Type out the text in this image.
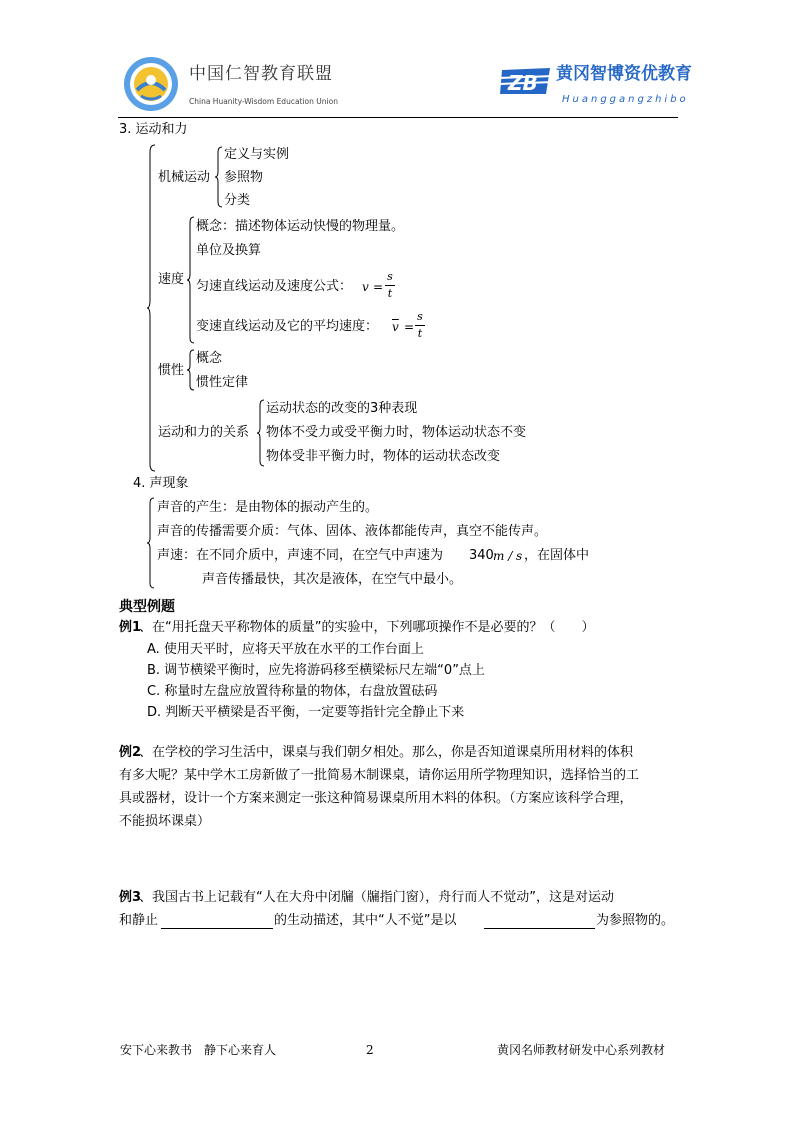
中国仁智教育联盟
China Huanity-Wisdom Education Union
ZB 黄冈智博资优教育
Huanggangzhibo
3. 运动和力
机械运动
定义与实例
参照物
分类
速度
概念：描述物体运动快慢的物理量。
单位及换算
匀速直线运动及速度公式： v =
s
t
变速直线运动及它的平均速度： $\overline{v}$ =
s
t
惯性
概念
惯性定律
运动和力的关系
运动状态的改变的3种表现
物体不受力或受平衡力时，物体运动状态不变
物体受非平衡力时，物体的运动状态改变
4. 声现象
声音的产生：是由物体的振动产生的。
声音的传播需要介质：气体、固体、液体都能传声，真空不能传声。
声速：在不同介质中，声速不同，在空气中声速为 340 m / s ，在固体中
声音传播最快，其次是液体，在空气中最小。
典型例题
例1
、在“用托盘天平称物体的质量”的实验中，下列哪项操作不是必要的？（　　）
A. 使用天平时，应将天平放在水平的工作台面上
B. 调节横梁平衡时，应先将游码移至横梁标尺左端“0”点上
C. 称量时左盘应放置待称量的物体，右盘放置砝码
D. 判断天平横梁是否平衡，一定要等指针完全静止下来
例2
、在学校的学习生活中，课桌与我们朝夕相处。那么，你是否知道课桌所用材料的体积
有多大呢？某中学木工房新做了一批简易木制课桌，请你运用所学物理知识，选择恰当的工
具或器材，设计一个方案来测定一张这种简易课桌所用木料的体积。（方案应该科学合理，
不能损坏课桌）
例3
、我国古书上记载有“人在大舟中闭牖（牖指门窗），舟行而人不觉动”，这是对运动
和静止	的生动描述，其中“人不觉”是以	为参照物的。
安下心来教书　静下心来育人	2	黄冈名师教材研发中心系列教材
